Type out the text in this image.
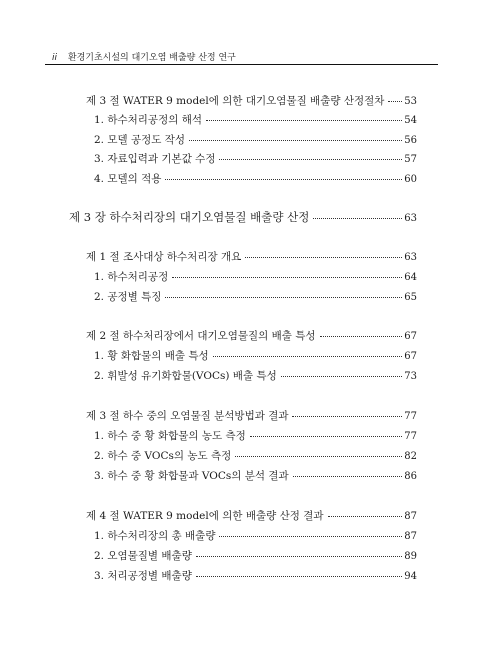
ii 환경기초시설의 대기오염 배출량 산정 연구
제 3 절 WATER 9 model에 의한 대기오염물질 배출량 산정절차 53
1. 하수처리공정의 해석	54
2. 모델 공정도 작성	56
3. 자료입력과 기본값 수정	57
4. 모델의 적용	60
제 3 장 하수처리장의 대기오염물질 배출량 산정	63
제 1 절 조사대상 하수처리장 개요	63
1. 하수처리공정	64
2. 공정별 특징	65
제 2 절 하수처리장에서 대기오염물질의 배출 특성	67
1. 황 화합물의 배출 특성	67
2. 휘발성 유기화합물(VOCs) 배출 특성	73
제 3 절 하수 중의 오염물질 분석방법과 결과	77
1. 하수 중 황 화합물의 농도 측정	77
2. 하수 중 VOCs의 농도 측정	82
3. 하수 중 황 화합물과 VOCs의 분석 결과	86
제 4 절 WATER 9 model에 의한 배출량 산정 결과	87
1. 하수처리장의 총 배출량	87
2. 오염물질별 배출량	89
3. 처리공정별 배출량	94
